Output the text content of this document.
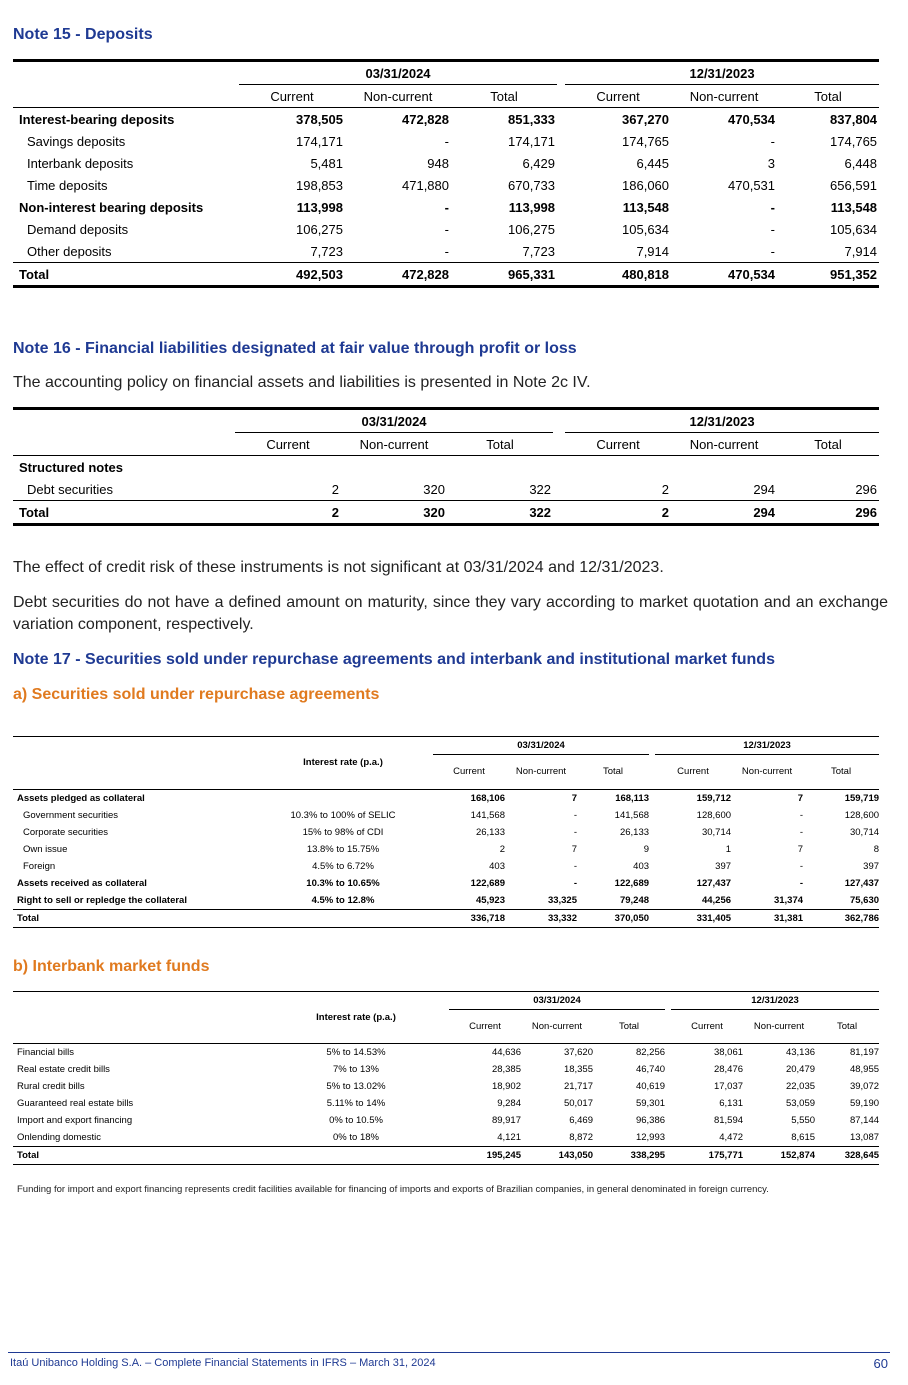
Note 15 - Deposits
	03/31/2024				12/31/2023		
	Current	Non-current	Total		Current	Non-current	Total
Interest-bearing deposits	378,505	472,828	851,333		367,270	470,534	837,804
Savings deposits	174,171	-	174,171		174,765	-	174,765
Interbank deposits	5,481	948	6,429		6,445	3	6,448
Time deposits	198,853	471,880	670,733		186,060	470,531	656,591
Non-interest bearing deposits	113,998	-	113,998		113,548	-	113,548
Demand deposits	106,275	-	106,275		105,634	-	105,634
Other deposits	7,723	-	7,723		7,914	-	7,914
Total	492,503	472,828	965,331		480,818	470,534	951,352
Note 16 - Financial liabilities designated at fair value through profit or loss
The accounting policy on financial assets and liabilities is presented in Note 2c IV.
	03/31/2024				12/31/2023		
	Current	Non-current	Total		Current	Non-current	Total
Structured notes							
Debt securities	2	320	322		2	294	296
Total	2	320	322		2	294	296
The effect of credit risk of these instruments is not significant at 03/31/2024 and 12/31/2023.
Debt securities do not have a defined amount on maturity, since they vary according to market quotation and an exchange variation component, respectively.
Note 17 - Securities sold under repurchase agreements and interbank and institutional market funds
a) Securities sold under repurchase agreements
	Interest rate (p.a.)	03/31/2024				12/31/2023		
		Current	Non-current	Total		Current	Non-current	Total
Assets pledged as collateral		168,106	7	168,113		159,712	7	159,719
Government securities	10.3% to 100% of SELIC	141,568	-	141,568		128,600	-	128,600
Corporate securities	15% to 98% of CDI	26,133	-	26,133		30,714	-	30,714
Own issue	13.8% to 15.75%	2	7	9		1	7	8
Foreign	4.5% to 6.72%	403	-	403		397	-	397
Assets received as collateral	10.3% to 10.65%	122,689	-	122,689		127,437	-	127,437
Right to sell or repledge the collateral	4.5% to 12.8%	45,923	33,325	79,248		44,256	31,374	75,630
Total		336,718	33,332	370,050		331,405	31,381	362,786
b) Interbank market funds
	Interest rate (p.a.)	03/31/2024				12/31/2023		
		Current	Non-current	Total		Current	Non-current	Total
Financial bills	5% to 14.53%	44,636	37,620	82,256		38,061	43,136	81,197
Real estate credit bills	7% to 13%	28,385	18,355	46,740		28,476	20,479	48,955
Rural credit bills	5% to 13.02%	18,902	21,717	40,619		17,037	22,035	39,072
Guaranteed real estate bills	5.11% to 14%	9,284	50,017	59,301		6,131	53,059	59,190
Import and export financing	0% to 10.5%	89,917	6,469	96,386		81,594	5,550	87,144
Onlending domestic	0% to 18%	4,121	8,872	12,993		4,472	8,615	13,087
Total		195,245	143,050	338,295		175,771	152,874	328,645
Funding for import and export financing represents credit facilities available for financing of imports and exports of Brazilian companies, in general denominated in foreign currency.
Itaú Unibanco Holding S.A. – Complete Financial Statements in IFRS – March 31, 2024	60
